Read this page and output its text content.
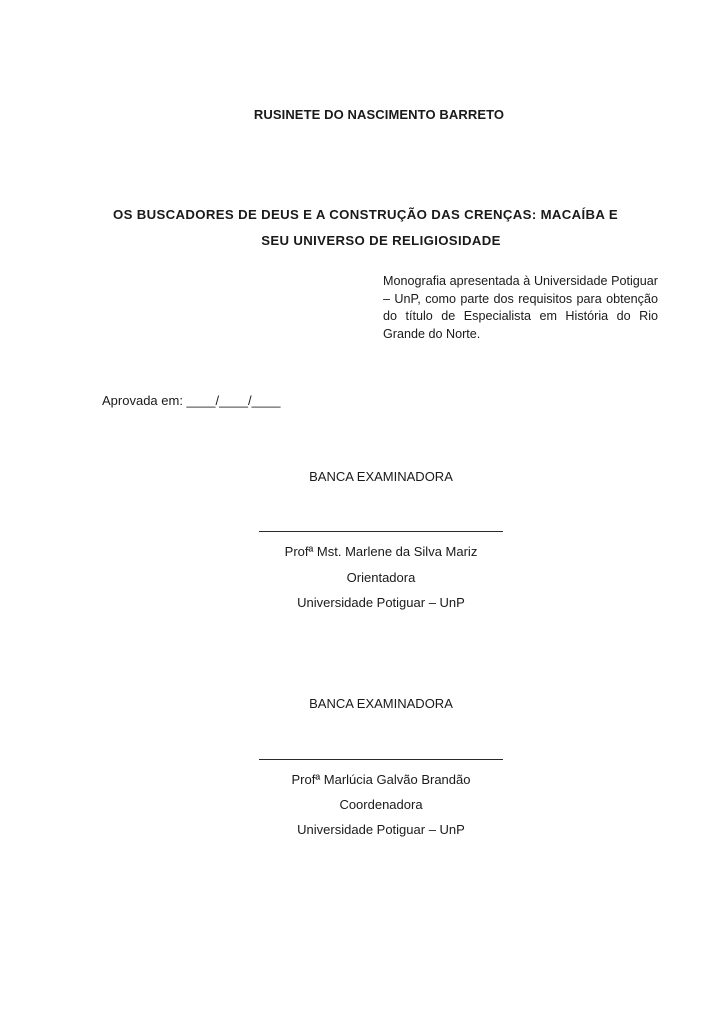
RUSINETE DO NASCIMENTO BARRETO
OS BUSCADORES DE DEUS E A CONSTRUÇÃO DAS CRENÇAS: MACAÍBA E
SEU UNIVERSO DE RELIGIOSIDADE
Monografia apresentada à Universidade Potiguar – UnP, como parte dos requisitos para obtenção do título de Especialista em História do Rio Grande do Norte.
Aprovada em: ____/____/____
BANCA EXAMINADORA
Profª Mst. Marlene da Silva Mariz
Orientadora
Universidade Potiguar – UnP
BANCA EXAMINADORA
Profª Marlúcia Galvão Brandão
Coordenadora
Universidade Potiguar – UnP
